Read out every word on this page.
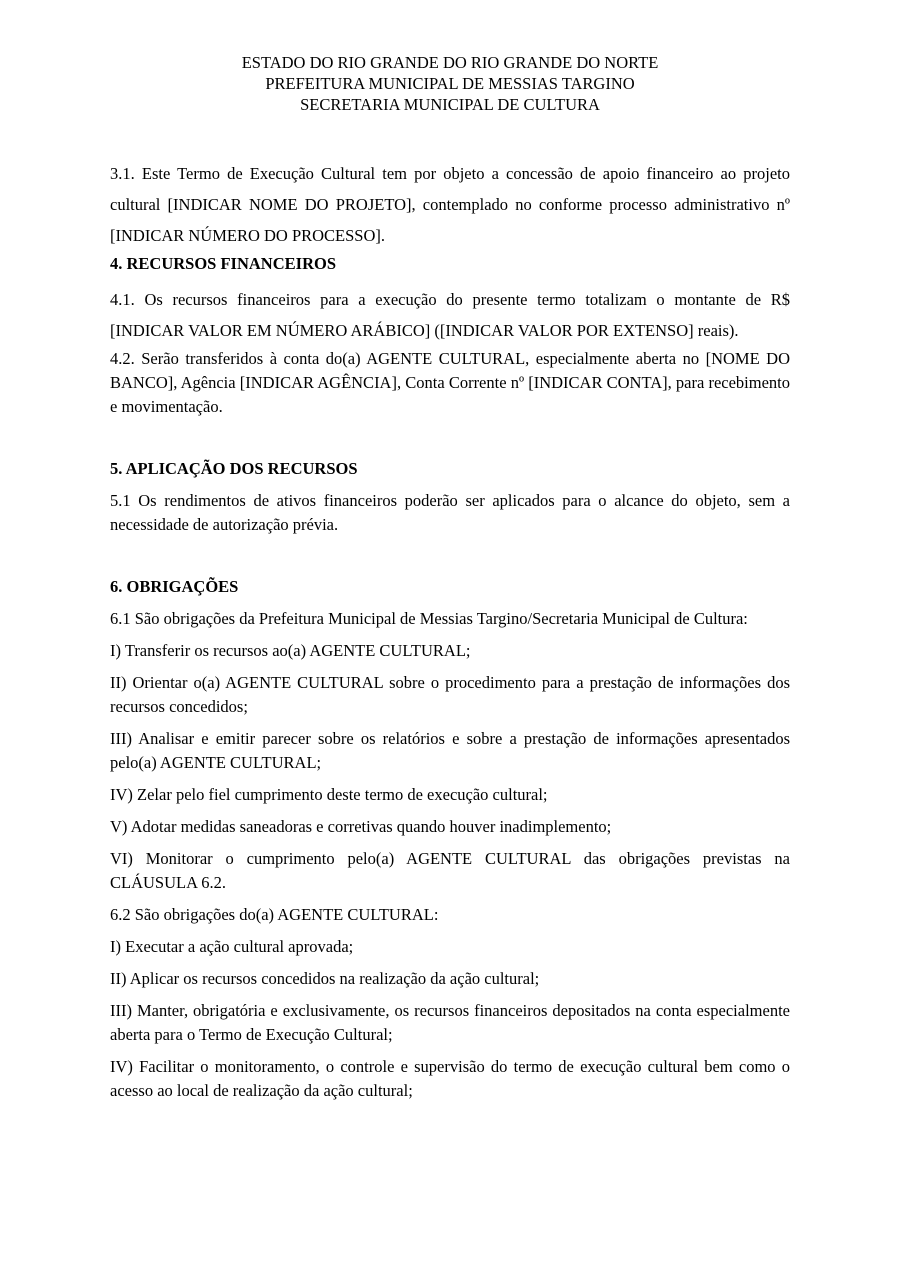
ESTADO DO RIO GRANDE DO RIO GRANDE DO NORTE
PREFEITURA MUNICIPAL DE MESSIAS TARGINO
SECRETARIA MUNICIPAL DE CULTURA

3.1. Este Termo de Execução Cultural tem por objeto a concessão de apoio financeiro ao projeto cultural [INDICAR NOME DO PROJETO], contemplado no conforme processo administrativo nº [INDICAR NÚMERO DO PROCESSO].

4. RECURSOS FINANCEIROS

4.1. Os recursos financeiros para a execução do presente termo totalizam o montante de R$ [INDICAR VALOR EM NÚMERO ARÁBICO] ([INDICAR VALOR POR EXTENSO] reais).

4.2. Serão transferidos à conta do(a) AGENTE CULTURAL, especialmente aberta no [NOME DO BANCO], Agência [INDICAR AGÊNCIA], Conta Corrente nº [INDICAR CONTA], para recebimento e movimentação.

5. APLICAÇÃO DOS RECURSOS

5.1 Os rendimentos de ativos financeiros poderão ser aplicados para o alcance do objeto, sem a necessidade de autorização prévia.

6. OBRIGAÇÕES

6.1 São obrigações da Prefeitura Municipal de Messias Targino/Secretaria Municipal de Cultura:

I) Transferir os recursos ao(a) AGENTE CULTURAL;

II) Orientar o(a) AGENTE CULTURAL sobre o procedimento para a prestação de informações dos recursos concedidos;

III) Analisar e emitir parecer sobre os relatórios e sobre a prestação de informações apresentados pelo(a) AGENTE CULTURAL;

IV) Zelar pelo fiel cumprimento deste termo de execução cultural;

V) Adotar medidas saneadoras e corretivas quando houver inadimplemento;

VI) Monitorar o cumprimento pelo(a) AGENTE CULTURAL das obrigações previstas na CLÁUSULA 6.2.

6.2 São obrigações do(a) AGENTE CULTURAL:

I) Executar a ação cultural aprovada;

II) Aplicar os recursos concedidos na realização da ação cultural;

III) Manter, obrigatória e exclusivamente, os recursos financeiros depositados na conta especialmente aberta para o Termo de Execução Cultural;

IV) Facilitar o monitoramento, o controle e supervisão do termo de execução cultural bem como o acesso ao local de realização da ação cultural;
